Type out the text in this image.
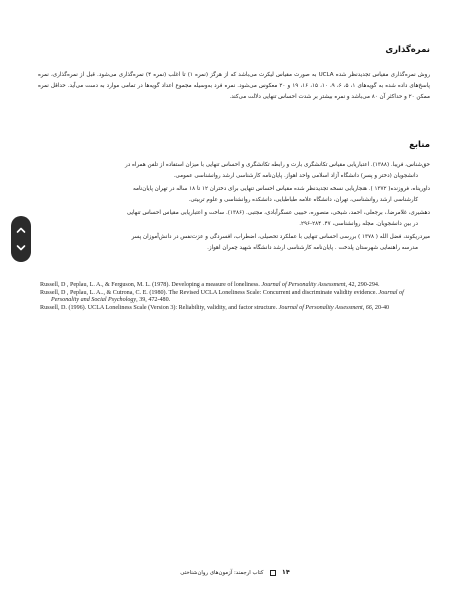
نمره‌گذاری
روش نمره‌گذاری مقیاس تجدیدنظر شده UCLA به صورت مقیاس لیکرت می‌باشد که از هرگز (نمره ۱) تا اغلب (نمره ۴) نمره‌گذاری می‌شود. قبل از نمره‌گذاری، نمره پاسخ‌های داده شده به گویه‌های ۱، ۵، ۶، ۹، ۱۰، ۱۵، ۱۶، ۱۹ و ۲۰ معکوس می‌شود. نمره فرد به‌وسیله مجموع اعداد گویه‌ها در تمامی موارد به دست می‌آید. حداقل نمره ممکن ۲۰ و حداکثر آن ۸۰ می‌باشد و نمره بیشتر بر شدت احساس تنهایی دلالت می‌کند.
منابع

حق‌شناس، فریبا. (۱۳۸۸). اعتباریابی مقیاس تکانشگری بارت و رابطه تکانشگری و احساس تنهایی با میزان استفاده از تلفن همراه در

دانشجویان (دختر و پسر) دانشگاه آزاد اسلامی واحد اهواز. پایان‌نامه کارشناسی ارشد روانشناسی عمومی.

داوریناه، فروزنده( ۱۳۷۲ ). هنجاریابی نسخه تجدیدنظر شده مقیاس احساس تنهایی برای دختران ۱۲ تا ۱۸ ساله در تهران پایان‌نامه

کارشناسی ارشد روانشناسی، تهران، دانشگاه علامه طباطبایی، دانشکده روانشناسی و علوم تربیتی.

دهشیری، غلامرضا.، برجعلی، احمد، شیخی، منصوره، حبیبی عسگرآبادی، مجتبی. (۱۳۸۶). ساخت و اعتباریابی مقیاس احساس تنهایی

در بین دانشجویان. مجله روانشناسی، ۴۷. ۲۸۴-۲۹۶.

میردریکوند، فضل الله ( ۱۳۷۸ ) بررسی احساس تنهایی با عملکرد تحصیلی، اضطراب، افسردگی و عزت‌نفس در دانش‌آموزان پسر

مدرسه راهنمایی شهرستان پلدخت . پایان‌نامه کارشناسی ارشد دانشگاه شهید چمران اهواز.

Russell, D , Peplau, L. A., & Ferguson, M. L. (1978). Developing a measure of loneliness. Journal of Personality Assessment, 42, 290-294.

Russell, D , Peplau, L. A.., & Cutrona, C. E. (1980). The Revised UCLA Loneliness Scale: Concurrent and discriminate validity evidence. Journal of Personality and Social Psychology, 39, 472-480.

Russell, D. (1996). UCLA Loneliness Scale (Version 3): Reliability, validity, and factor structure. Journal of Personality Assessment, 66, 20-40

۱۴  کتاب ارجمند: آزمون‌های روان‌شناختی
